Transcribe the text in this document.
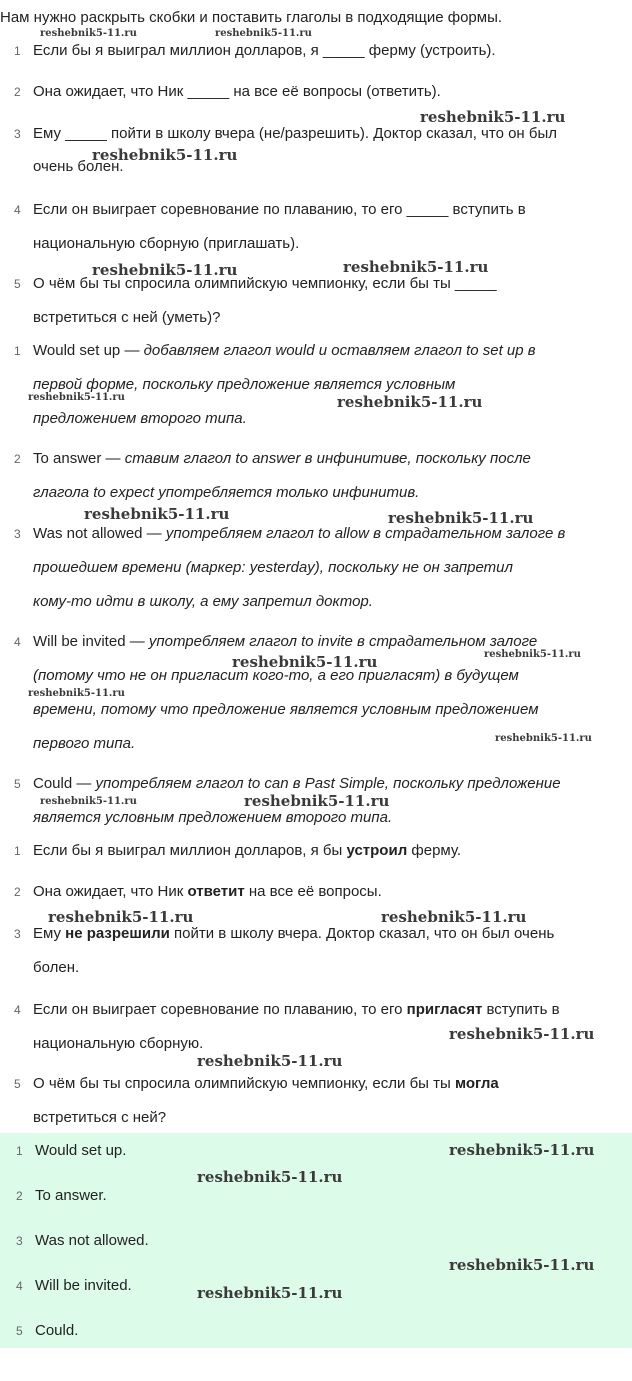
Нам нужно раскрыть скобки и поставить глаголы в подходящие формы.
1 Если бы я выиграл миллион долларов, я _____ ферму (устроить).
2 Она ожидает, что Ник _____ на все её вопросы (ответить).
3 Ему _____ пойти в школу вчера (не/разрешить). Доктор сказал, что он был
очень болен.
4 Если он выиграет соревнование по плаванию, то его _____ вступить в
национальную сборную (приглашать).
5 О чём бы ты спросила олимпийскую чемпионку, если бы ты _____
встретиться с ней (уметь)?
1 Would set up — добавляем глагол would и оставляем глагол to set up в
первой форме, поскольку предложение является условным
предложением второго типа.
2 To answer — ставим глагол to answer в инфинитиве, поскольку после
глагола to expect употребляется только инфинитив.
3 Was not allowed — употребляем глагол to allow в страдательном залоге в
прошедшем времени (маркер: yesterday), поскольку не он запретил
кому-то идти в школу, а ему запретил доктор.
4 Will be invited — употребляем глагол to invite в страдательном залоге
(потому что не он пригласит кого-то, а его пригласят) в будущем
времени, потому что предложение является условным предложением
первого типа.
5 Could — употребляем глагол to can в Past Simple, поскольку предложение
является условным предложением второго типа.
1 Если бы я выиграл миллион долларов, я бы устроил ферму.
2 Она ожидает, что Ник ответит на все её вопросы.
3 Ему не разрешили пойти в школу вчера. Доктор сказал, что он был очень
болен.
4 Если он выиграет соревнование по плаванию, то его пригласят вступить в
национальную сборную.
5 О чём бы ты спросила олимпийскую чемпионку, если бы ты могла
встретиться с ней?
1 Would set up.
2 To answer.
3 Was not allowed.
4 Will be invited.
5 Could.
reshebnik5-11.ru	reshebnik5-11.ru
reshebnik5-11.ru
reshebnik5-11.ru
reshebnik5-11.ru	reshebnik5-11.ru
reshebnik5-11.ru	reshebnik5-11.ru
reshebnik5-11.ru	reshebnik5-11.ru
reshebnik5-11.ru	reshebnik5-11.ru
reshebnik5-11.ru
reshebnik5-11.ru
reshebnik5-11.ru	reshebnik5-11.ru
reshebnik5-11.ru	reshebnik5-11.ru
reshebnik5-11.ru
reshebnik5-11.ru
reshebnik5-11.ru
reshebnik5-11.ru
reshebnik5-11.ru
reshebnik5-11.ru
